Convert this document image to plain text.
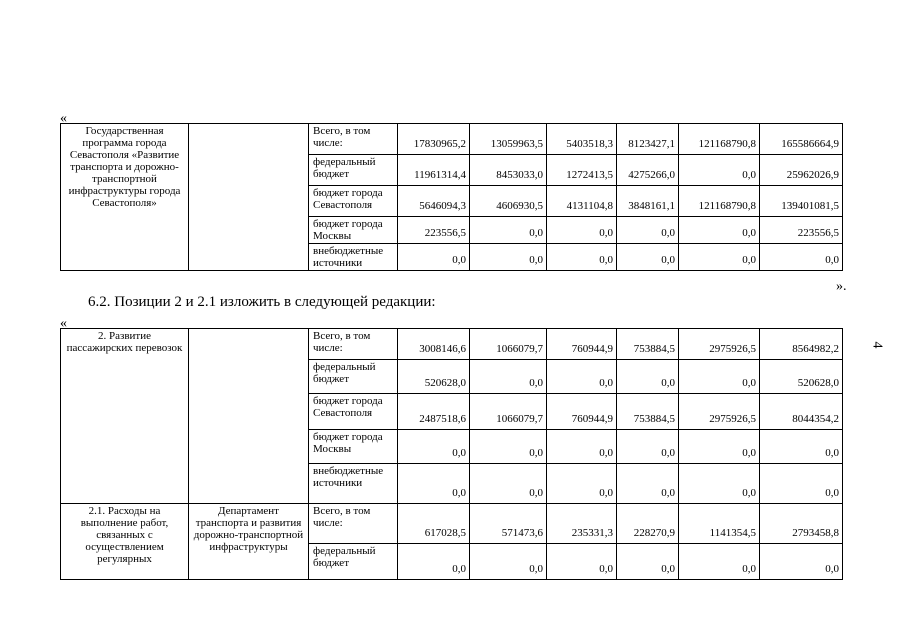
«
Государственная программа города Севастополя «Развитие транспорта и дорожно-транспортной инфраструктуры города Севастополя»		Всего, в том числе:	17830965,2	13059963,5	5403518,3	8123427,1	121168790,8	165586664,9
		федеральный бюджет	11961314,4	8453033,0	1272413,5	4275266,0	0,0	25962026,9
		бюджет города Севастополя	5646094,3	4606930,5	4131104,8	3848161,1	121168790,8	139401081,5
		бюджет города Москвы	223556,5	0,0	0,0	0,0	0,0	223556,5
		внебюджетные источники	0,0	0,0	0,0	0,0	0,0	0,0
».
6.2. Позиции 2 и 2.1 изложить в следующей редакции:
«
2. Развитие пассажирских перевозок		Всего, в том числе:	3008146,6	1066079,7	760944,9	753884,5	2975926,5	8564982,2
		федеральный бюджет	520628,0	0,0	0,0	0,0	0,0	520628,0
		бюджет города Севастополя	2487518,6	1066079,7	760944,9	753884,5	2975926,5	8044354,2
		бюджет города Москвы	0,0	0,0	0,0	0,0	0,0	0,0
		внебюджетные источники	0,0	0,0	0,0	0,0	0,0	0,0
2.1. Расходы на выполнение работ, связанных с осуществлением регулярных	Департамент транспорта и развития дорожно-транспортной инфраструктуры	Всего, в том числе:	617028,5	571473,6	235331,3	228270,9	1141354,5	2793458,8
		федеральный бюджет	0,0	0,0	0,0	0,0	0,0	0,0
4
